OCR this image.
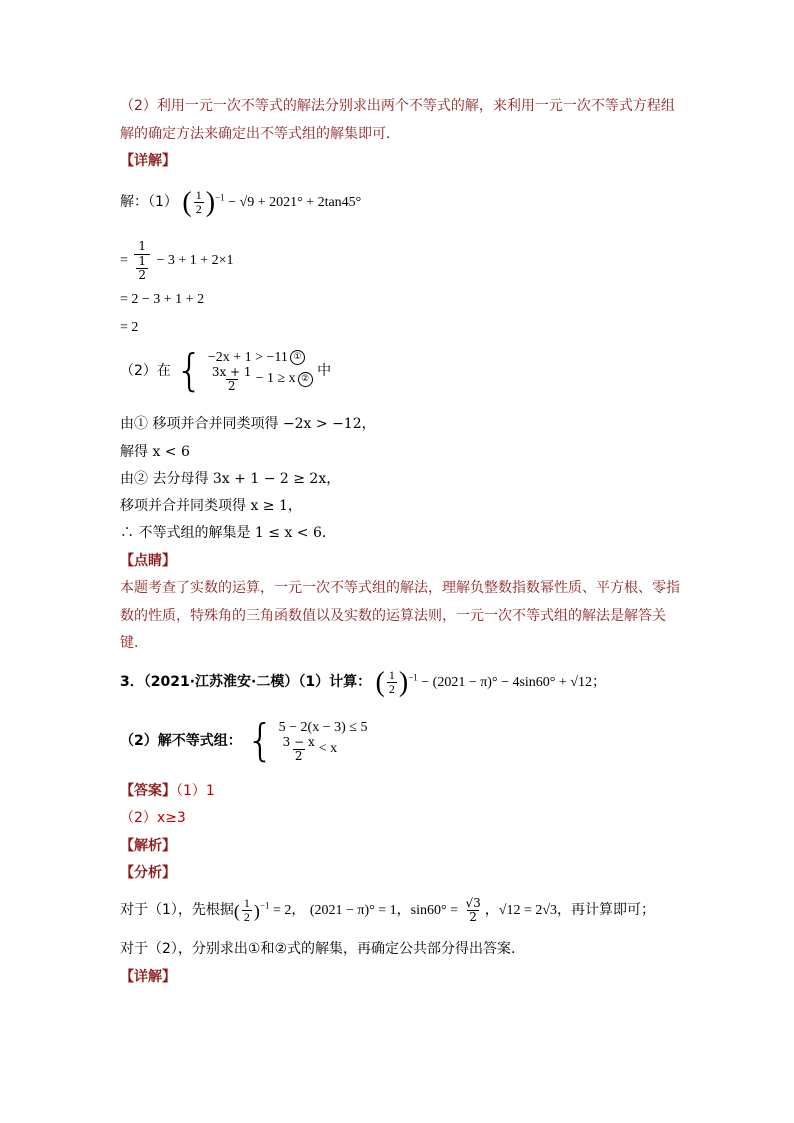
（2）利用一元一次不等式的解法分别求出两个不等式的解，来利用一元一次不等式方程组
解的确定方法来确定出不等式组的解集即可．
【详解】
解：（1） ( $\frac{1}{2} )^{-1} - √9 + 2021^\circ + 2\tan 45^\circ$
= $\frac{1}{\frac{1}{2}} - 3 + 1 + 2\times 1$
= 2 − 3 + 1 + 2
= 2
（2）在 { −2x + 1 > −11 ①
$\frac{3x + 1}{2} - 1 \ge x$ ② 中
由① 移项并合并同类项得 −2x > −12，
解得 x < 6
由② 去分母得 3x + 1 − 2 ≥ 2x，
移项并合并同类项得 x ≥ 1，
∴ 不等式组的解集是 1 ≤ x < 6．
【点睛】
本题考查了实数的运算，一元一次不等式组的解法，理解负整数指数幂性质、平方根、零指
数的性质，特殊角的三角函数值以及实数的运算法则，一元一次不等式组的解法是解答关
键．
3．（2021·江苏淮安·二模）（1）计算： ( $\frac{1}{2} )^{-1} - (2021 - \pi)^\circ - 4\sin 60^\circ + √12$；
（2）解不等式组： { 5 − 2(x − 3) ≤ 5
$\frac{3 - x}{2} < x$
【答案】（1）1
（2）x≥3
【解析】
【分析】
对于（1），先根据( $\frac{1}{2} )^{-1} = 2$， (2021 − π)° = 1，$\sin 60^\circ = \frac{√3}{2}$ ，√12 = 2√3，再计算即可；
对于（2），分别求出①和②式的解集，再确定公共部分得出答案.
【详解】
